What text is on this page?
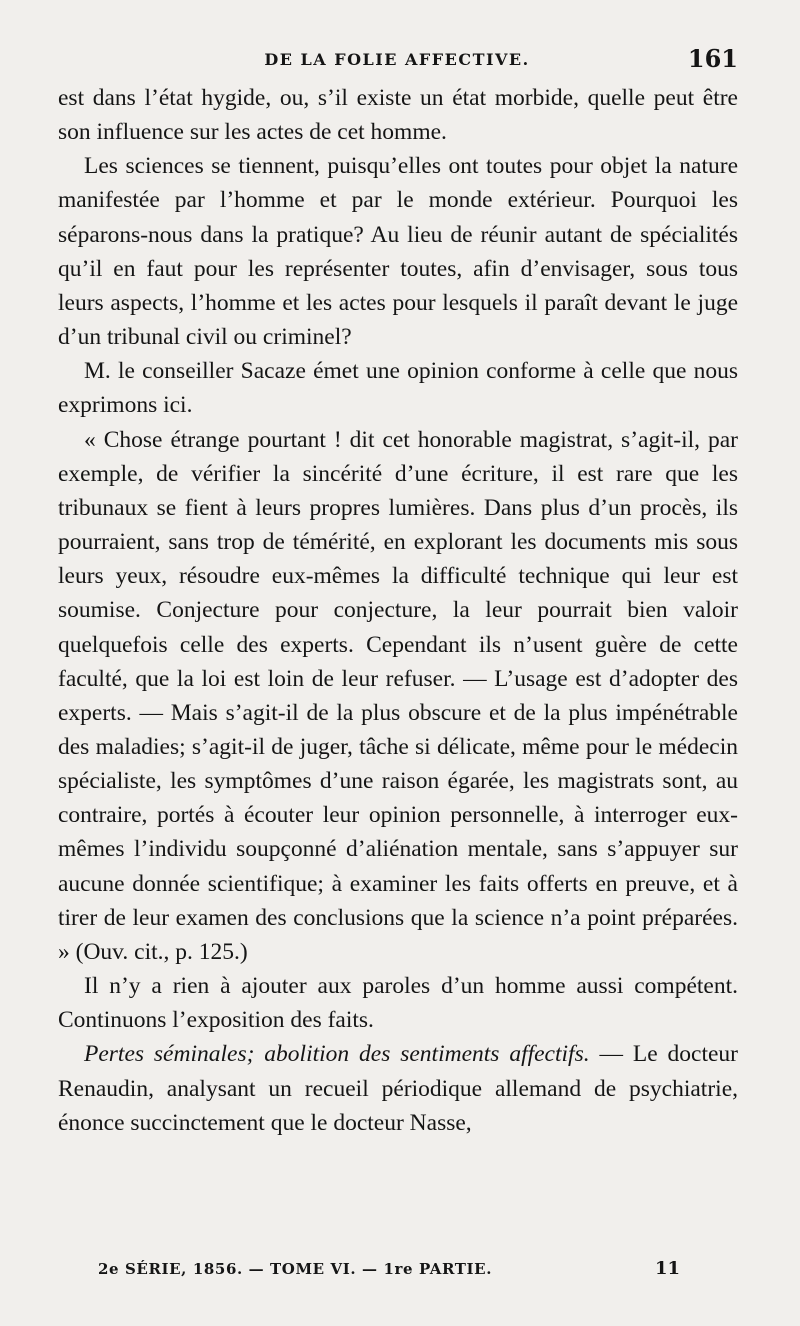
DE LA FOLIE AFFECTIVE.	161

est dans l’état hygide, ou, s’il existe un état morbide, quelle peut être son influence sur les actes de cet homme.

Les sciences se tiennent, puisqu’elles ont toutes pour objet la nature manifestée par l’homme et par le monde extérieur. Pourquoi les séparons-nous dans la pratique? Au lieu de réunir autant de spécialités qu’il en faut pour les représenter toutes, afin d’envisager, sous tous leurs aspects, l’homme et les actes pour lesquels il paraît devant le juge d’un tribunal civil ou criminel?

M. le conseiller Sacaze émet une opinion conforme à celle que nous exprimons ici.

« Chose étrange pourtant ! dit cet honorable magistrat, s’agit-il, par exemple, de vérifier la sincérité d’une écriture, il est rare que les tribunaux se fient à leurs propres lumières. Dans plus d’un procès, ils pourraient, sans trop de témérité, en explorant les documents mis sous leurs yeux, résoudre eux-mêmes la difficulté technique qui leur est soumise. Conjecture pour conjecture, la leur pourrait bien valoir quelquefois celle des experts. Cependant ils n’usent guère de cette faculté, que la loi est loin de leur refuser. — L’usage est d’adopter des experts. — Mais s’agit-il de la plus obscure et de la plus impénétrable des maladies; s’agit-il de juger, tâche si délicate, même pour le médecin spécialiste, les symptômes d’une raison égarée, les magistrats sont, au contraire, portés à écouter leur opinion personnelle, à interroger eux-mêmes l’individu soupçonné d’aliénation mentale, sans s’appuyer sur aucune donnée scientifique; à examiner les faits offerts en preuve, et à tirer de leur examen des conclusions que la science n’a point préparées. » (Ouv. cit., p. 125.)

Il n’y a rien à ajouter aux paroles d’un homme aussi compétent. Continuons l’exposition des faits.

Pertes séminales; abolition des sentiments affectifs. — Le docteur Renaudin, analysant un recueil périodique allemand de psychiatrie, énonce succinctement que le docteur Nasse,

2e SÉRIE, 1856. — TOME VI. — 1re PARTIE.	11
